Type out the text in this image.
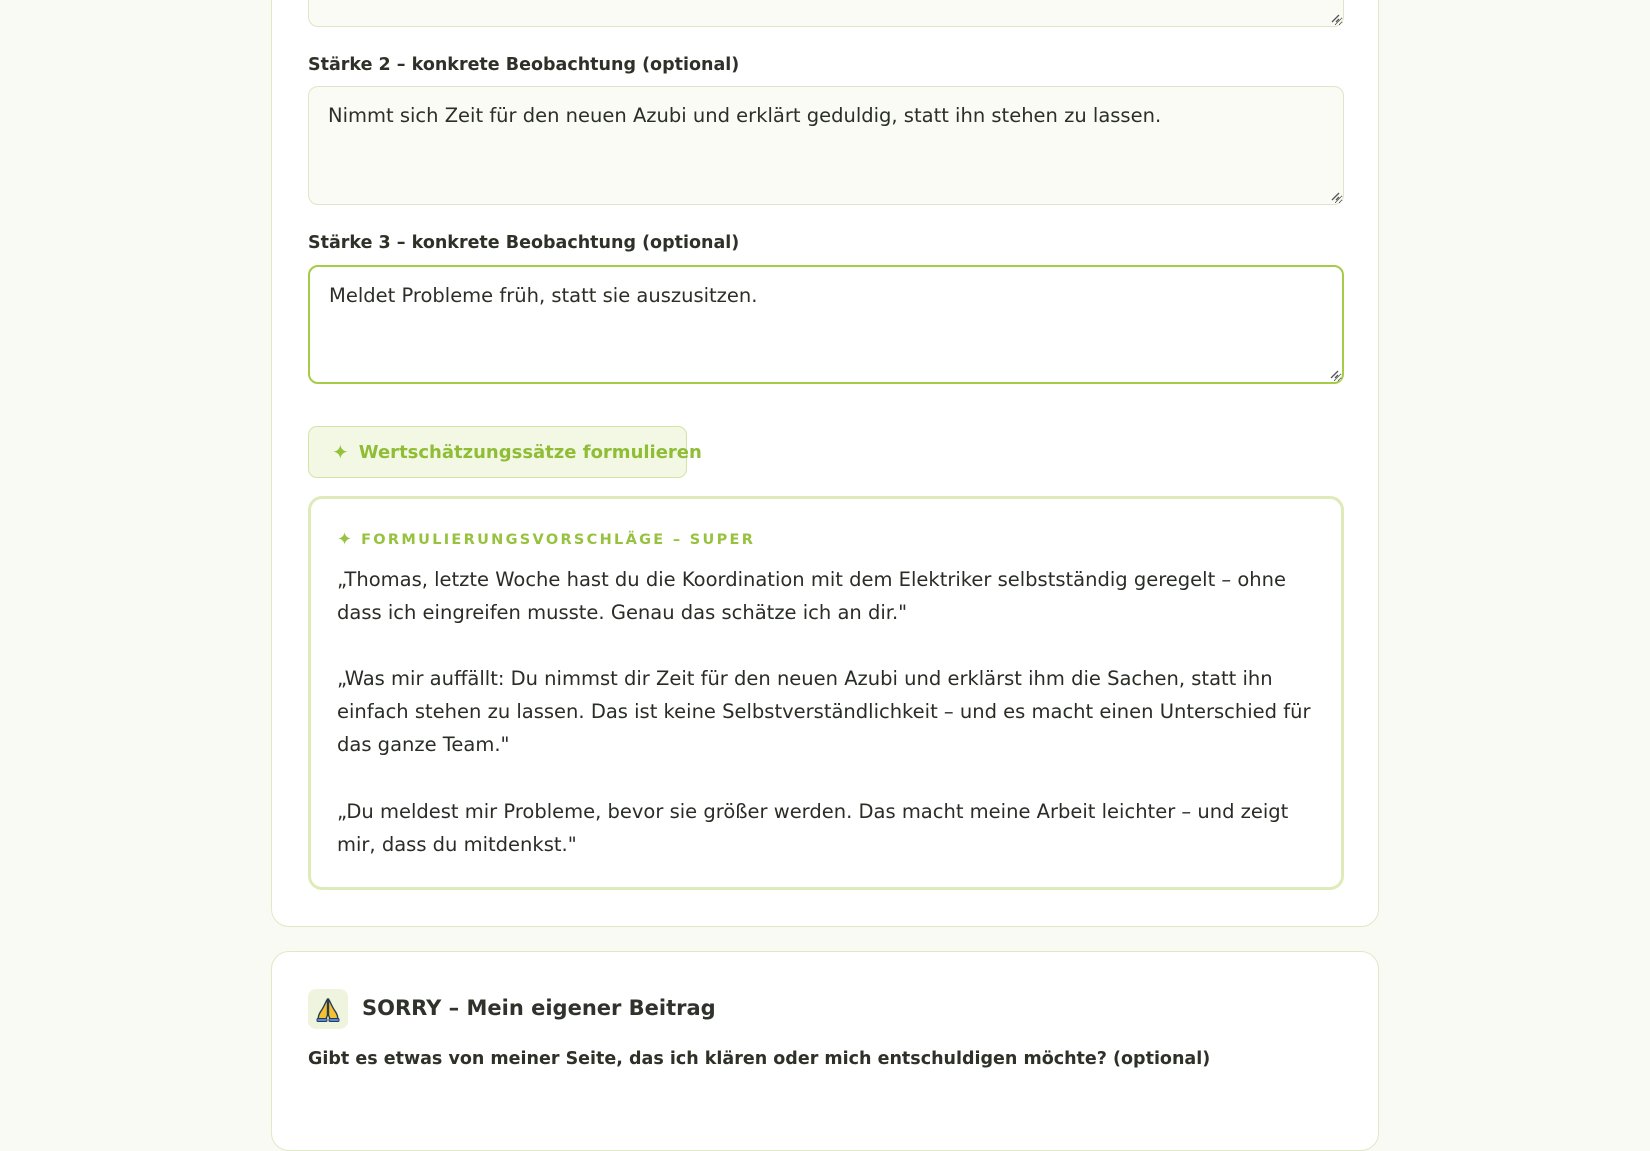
Stärke 2 – konkrete Beobachtung (optional)
Nimmt sich Zeit für den neuen Azubi und erklärt geduldig, statt ihn stehen zu lassen.
Stärke 3 – konkrete Beobachtung (optional)
Meldet Probleme früh, statt sie auszusitzen.
✦ Wertschätzungssätze formulieren
✦ FORMULIERUNGSVORSCHLÄGE – SUPER
„Thomas, letzte Woche hast du die Koordination mit dem Elektriker selbstständig geregelt – ohne dass ich eingreifen musste. Genau das schätze ich an dir."
„Was mir auffällt: Du nimmst dir Zeit für den neuen Azubi und erklärst ihm die Sachen, statt ihn einfach stehen zu lassen. Das ist keine Selbstverständlichkeit – und es macht einen Unterschied für das ganze Team."
„Du meldest mir Probleme, bevor sie größer werden. Das macht meine Arbeit leichter – und zeigt mir, dass du mitdenkst."
SORRY – Mein eigener Beitrag
Gibt es etwas von meiner Seite, das ich klären oder mich entschuldigen möchte? (optional)
